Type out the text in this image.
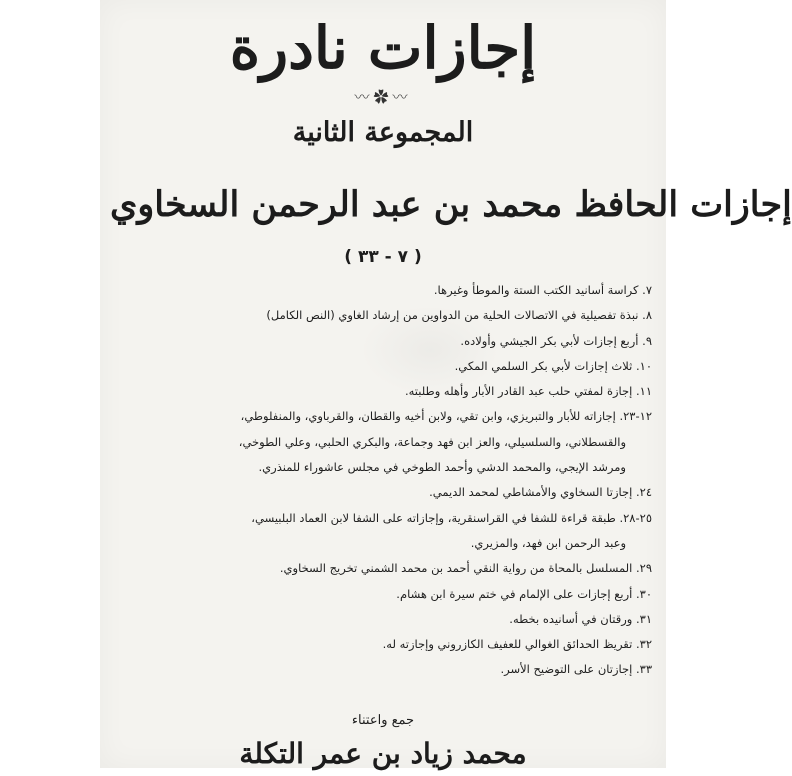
إجازات نادرة
〰✿〰
المجموعة الثانية
إجازات الحافظ محمد بن عبد الرحمن السخاوي
( ٧ - ٣٣ )
٧. كراسة أسانيد الكتب الستة والموطأ وغيرها.
٨. نبذة تفصيلية في الاتصالات الحلية من الدواوين من إرشاد الغاوي (النص الكامل)
٩. أربع إجازات لأبي بكر الجيشي وأولاده.
١٠. ثلاث إجازات لأبي بكر السلمي المكي.
١١. إجازة لمفتي حلب عبد القادر الأبار وأهله وطلبته.
١٢-٢٣. إجازاته للأبار والتبريزي، وابن تقي، ولابن أخيه والقطان، والقرباوي، والمنفلوطي،
والقسطلاني، والسلسيلي، والعز ابن فهد وجماعة، والبكري الحلبي، وعلي الطوخي،
ومرشد الإيجي، والمحمد الدشي وأحمد الطوخي في مجلس عاشوراء للمنذري.
٢٤. إجازتا السخاوي والأمشاطي لمحمد الديمي.
٢٥-٢٨. طبقة قراءة للشفا في القراسنقرية، وإجازاته على الشفا لابن العماد البلبيسي،
وعبد الرحمن ابن فهد، والمزيري.
٢٩. المسلسل بالمحاة من رواية النقي أحمد بن محمد الشمني تخريج السخاوي.
٣٠. أربع إجازات على الإلمام في ختم سيرة ابن هشام.
٣١. ورقتان في أسانيده بخطه.
٣٢. تقريظ الحدائق الغوالي للعفيف الكازروني وإجازته له.
٣٣. إجازتان على التوضيح الأسر.
جمع واعتناء
محمد زياد بن عمر التكلة
